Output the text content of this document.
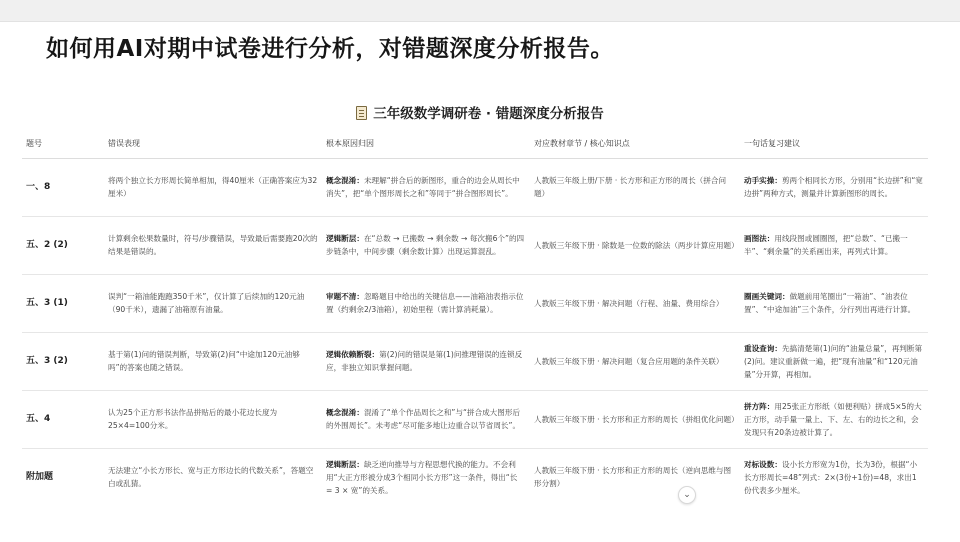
如何用AI对期中试卷进行分析，对错题深度分析报告。
三年级数学调研卷 · 错题深度分析报告
题号	错误表现	根本原因归因	对应教材章节 / 核心知识点	一句话复习建议
一、8	将两个独立长方形周长简单相加，得40厘米（正确答案应为32厘米）	概念混淆：未理解“拼合后的新图形，重合的边会从周长中消失”，把“单个图形周长之和”等同于“拼合图形周长”。	人教版三年级上册/下册 · 长方形和正方形的周长（拼合问题）	动手实操：剪两个相同长方形，分别用“长边拼”和“宽边拼”两种方式，测量并计算新图形的周长。
五、2 (2)	计算剩余松果数量时，符号/步骤错误，导致最后需要跑20次的结果是错误的。	逻辑断层：在“总数 → 已搬数 → 剩余数 → 每次搬6个”的四步链条中，中间步骤（剩余数计算）出现运算混乱。	人教版三年级下册 · 除数是一位数的除法（两步计算应用题）	画图法：用线段图或圆圈图，把“总数”、“已搬一半”、“剩余量”的关系画出来，再列式计算。
五、3 (1)	误判“一箱油能跑跑350千米”，仅计算了后续加的120元油（90千米），遗漏了油箱原有油量。	审题不清：忽略题目中给出的关键信息——油箱油表指示位置（约剩余2/3油箱），初始里程（需计算消耗量）。	人教版三年级下册 · 解决问题（行程、油量、费用综合）	圈画关键词：做题前用笔圈出“一箱油”、“油表位置”、“中途加油”三个条件，分行列出再进行计算。
五、3 (2)	基于第(1)问的错误判断，导致第(2)问“中途加120元油够吗”的答案也随之错误。	逻辑依赖断裂：第(2)问的错误是第(1)问推理错误的连锁反应，非独立知识掌握问题。	人教版三年级下册 · 解决问题（复合应用题的条件关联）	重设查询：先搞清楚第(1)问的“油量总量”，再判断第(2)问。建议重新做一遍，把“现有油量”和“120元油量”分开算，再相加。
五、4	认为25个正方形书法作品拼贴后的最小花边长度为 25×4=100分米。	概念混淆：混淆了“单个作品周长之和”与“拼合成大图形后的外围周长”。未考虑“尽可能多地让边重合以节省周长”。	人教版三年级下册 · 长方形和正方形的周长（拼组优化问题）	拼方阵：用25张正方形纸（如便利贴）拼成5×5的大正方形，动手量一量上、下、左、右的边长之和，会发现只有20条边被计算了。
附加题	无法建立“小长方形长、宽与正方形边长的代数关系”，答题空白或乱猜。	逻辑断层：缺乏逆向推导与方程思想代换的能力。不会利用“大正方形被分成3个相同小长方形”这一条件，得出“长 = 3 × 宽”的关系。	人教版三年级下册 · 长方形和正方形的周长（逆向思维与图形分割）	对标设数：设小长方形宽为1份，长为3份，根据“小长方形周长=48”列式：2×(3份+1份)=48，求出1份代表多少厘米。
⌄
